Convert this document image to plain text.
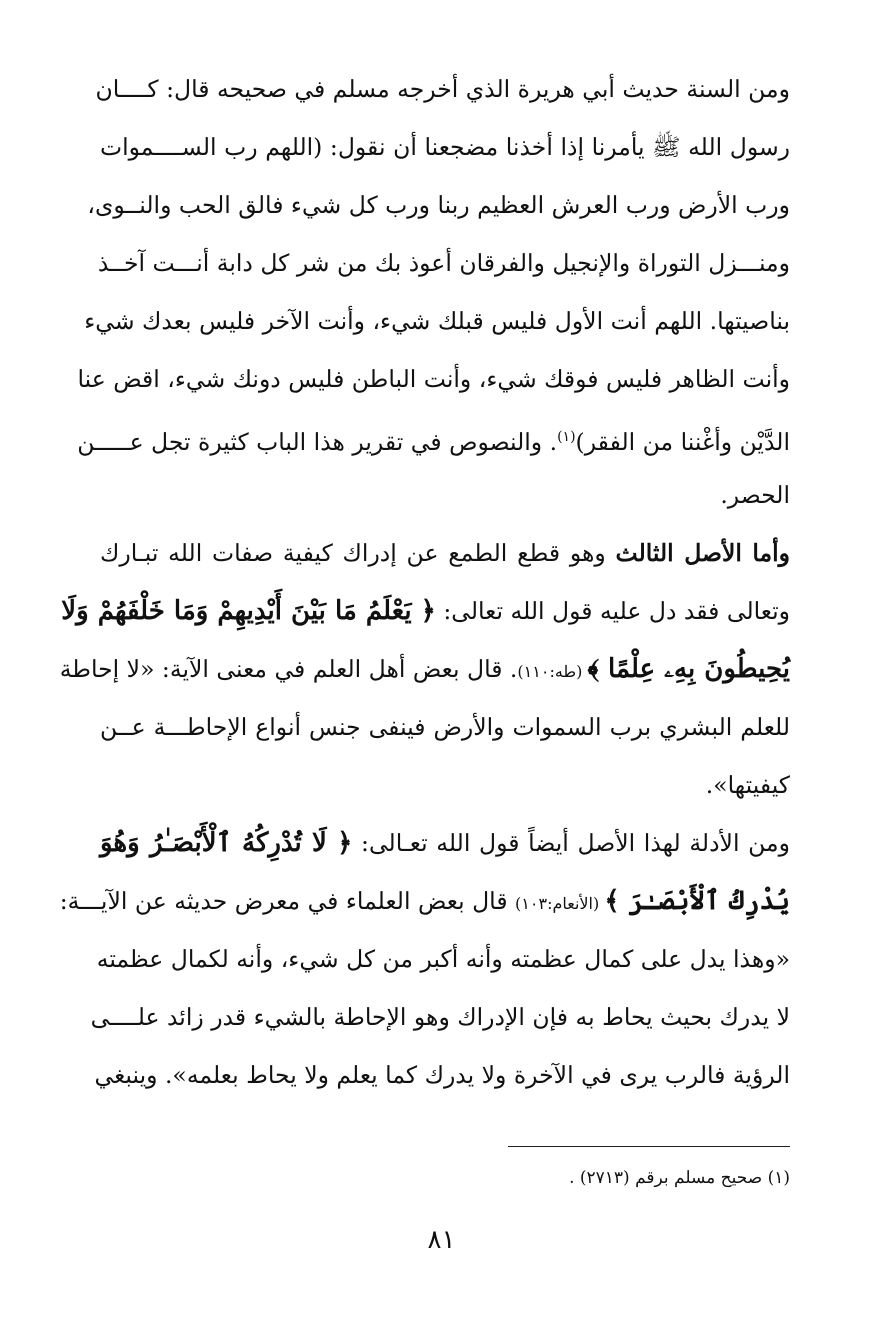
ومن السنة حديث أبي هريرة الذي أخرجه مسلم في صحيحه قال: كــــان
رسول الله ﷺ يأمرنا إذا أخذنا مضجعنا أن نقول: (اللهم رب الســــموات
ورب الأرض ورب العرش العظيم ربنا ورب كل شيء فالق الحب والنــوى،
ومنـــزل التوراة والإنجيل والفرقان أعوذ بك من شر كل دابة أنـــت آخــذ
بناصيتها. اللهم أنت الأول فليس قبلك شيء، وأنت الآخر فليس بعدك شيء
وأنت الظاهر فليس فوقك شيء، وأنت الباطن فليس دونك شيء، اقض عنا
الدَّيْن وأغْننا من الفقر)$^{(١)}$. والنصوص في تقرير هذا الباب كثيرة تجل عـــــن
الحصر.
وأما الأصل الثالث وهو قطع الطمع عن إدراك كيفية صفات الله تبـارك
وتعالى فقد دل عليه قول الله تعالى: ﴿ يَعْلَمُ مَا بَيْنَ أَيْدِيهِمْ وَمَا خَلْفَهُمْ وَلَا
يُحِيطُونَ بِهِۦ عِلْمًا ﴾ (طه:١١٠). قال بعض أهل العلم في معنى الآية: «لا إحاطة
للعلم البشري برب السموات والأرض فينفى جنس أنواع الإحاطـــة عــن
كيفيتها».
ومن الأدلة لهذا الأصل أيضاً قول الله تعـالى: ﴿ لَا تُدْرِكُهُ ٱلْأَبْصَـٰرُ وَهُوَ
يُدْرِكُ ٱلْأَبْصَـٰرَ ﴾ (الأنعام:١٠٣) قال بعض العلماء في معرض حديثه عن الآيـــة:
«وهذا يدل على كمال عظمته وأنه أكبر من كل شيء، وأنه لكمال عظمته
لا يدرك بحيث يحاط به فإن الإدراك وهو الإحاطة بالشيء قدر زائد علــــى
الرؤية فالرب يرى في الآخرة ولا يدرك كما يعلم ولا يحاط بعلمه». وينبغي
(١) صحيح مسلم برقم (٢٧١٣) .
٨١
